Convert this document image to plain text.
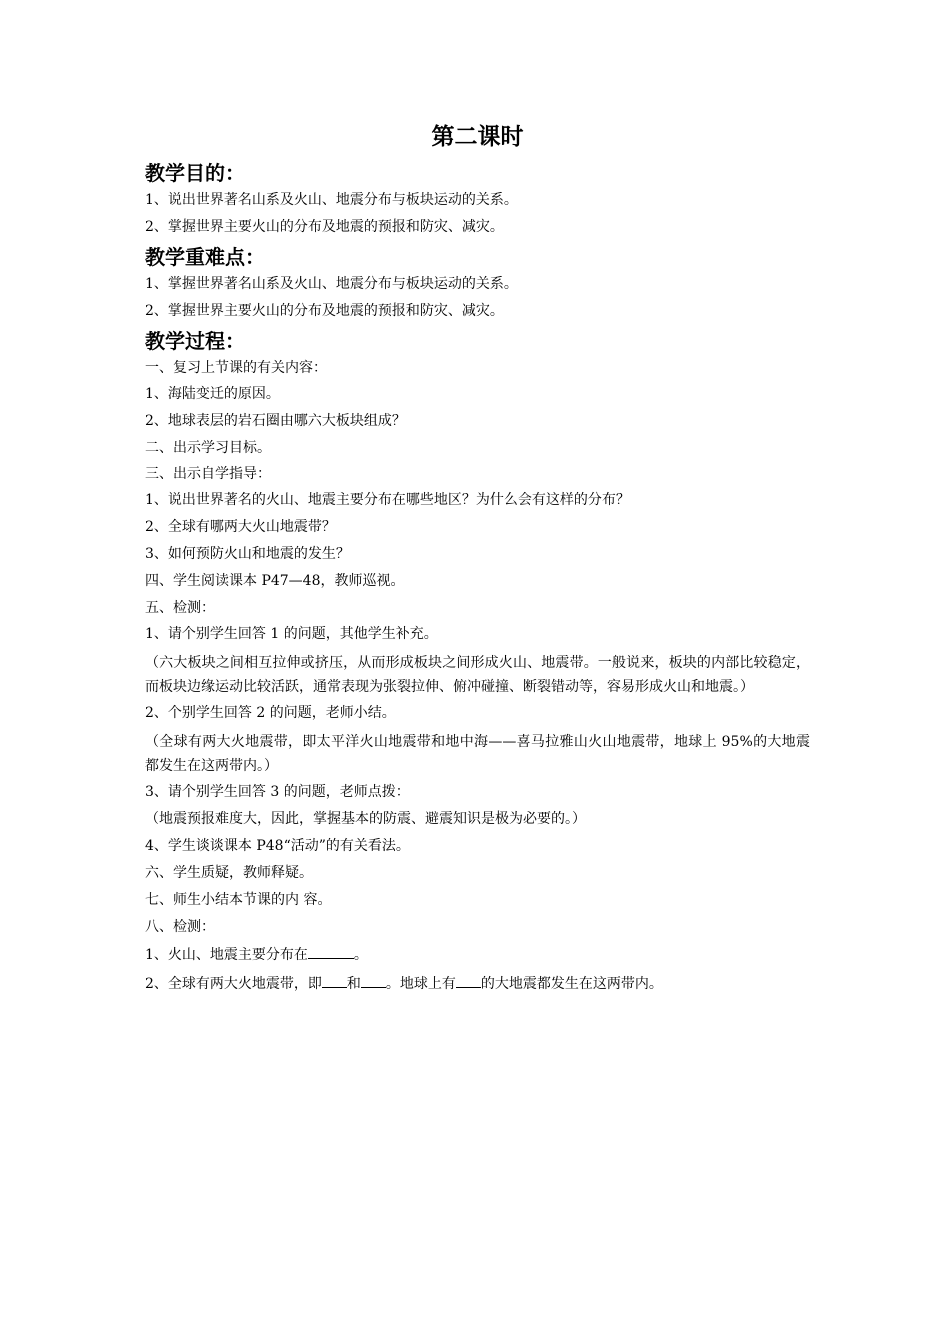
第二课时
教学目的：
1、说出世界著名山系及火山、地震分布与板块运动的关系。
2、掌握世界主要火山的分布及地震的预报和防灾、减灾。
教学重难点：
1、掌握世界著名山系及火山、地震分布与板块运动的关系。
2、掌握世界主要火山的分布及地震的预报和防灾、减灾。
教学过程：
一、复习上节课的有关内容：
1、海陆变迁的原因。
2、地球表层的岩石圈由哪六大板块组成？
二、出示学习目标。
三、出示自学指导：
1、说出世界著名的火山、地震主要分布在哪些地区？为什么会有这样的分布？
2、全球有哪两大火山地震带？
3、如何预防火山和地震的发生？
四、学生阅读课本 P47—48，教师巡视。
五、检测：
1、请个别学生回答 1 的问题，其他学生补充。
（六大板块之间相互拉伸或挤压，从而形成板块之间形成火山、地震带。一般说来，板块的内部比较稳定，而板块边缘运动比较活跃，通常表现为张裂拉伸、俯冲碰撞、断裂错动等，容易形成火山和地震。）
2、个别学生回答 2 的问题，老师小结。
（全球有两大火地震带，即太平洋火山地震带和地中海——喜马拉雅山火山地震带，地球上 95%的大地震都发生在这两带内。）
3、请个别学生回答 3 的问题，老师点拨：
（地震预报难度大，因此，掌握基本的防震、避震知识是极为必要的。）
4、学生谈谈课本 P48“活动”的有关看法。
六、学生质疑，教师释疑。
七、师生小结本节课的内 容。
八、检测：
1、火山、地震主要分布在	。
2、全球有两大火地震带，即 和 。地球上有 的大地震都发生在这两带内。
